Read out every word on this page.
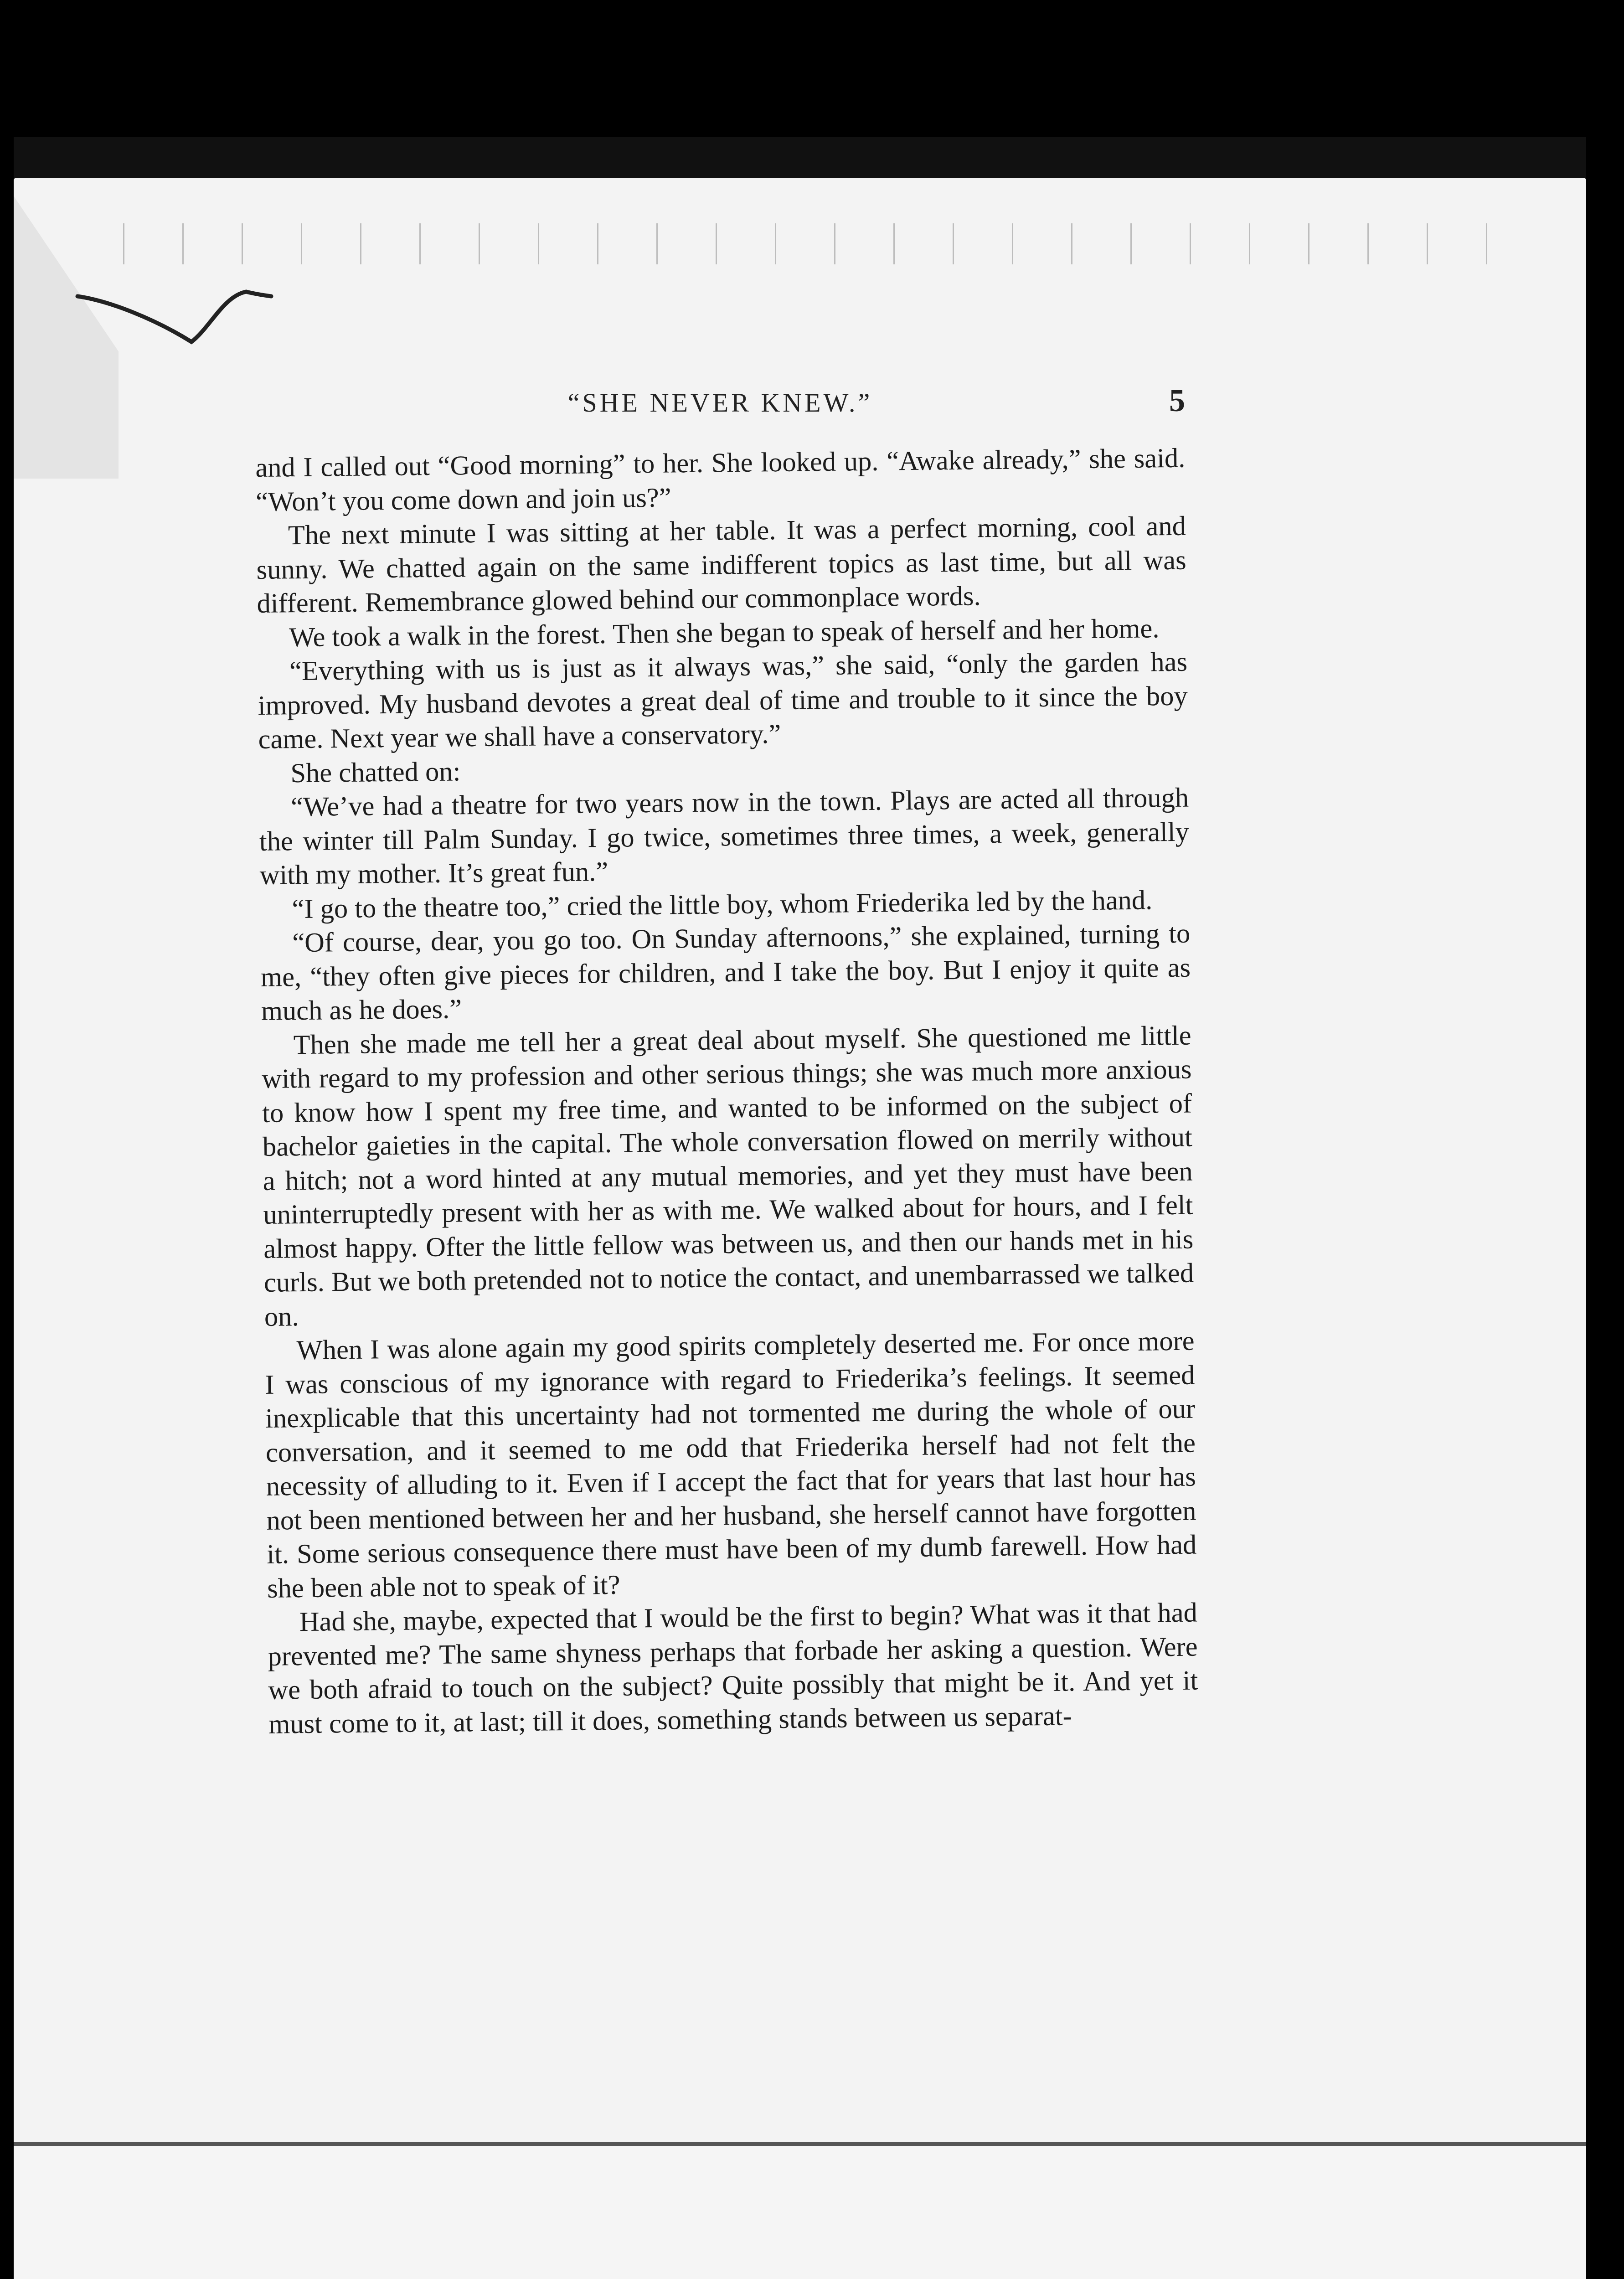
“SHE NEVER KNEW.”	5

and I called out “Good morning” to her. She looked up. “Awake already,” she said. “Won’t you come down and join us?”

The next minute I was sitting at her table. It was a perfect morning, cool and sunny. We chatted again on the same indifferent topics as last time, but all was different. Remembrance glowed behind our commonplace words.

We took a walk in the forest. Then she began to speak of herself and her home.

“Everything with us is just as it always was,” she said, “only the garden has improved. My husband devotes a great deal of time and trouble to it since the boy came. Next year we shall have a conservatory.”

She chatted on:

“We’ve had a theatre for two years now in the town. Plays are acted all through the winter till Palm Sunday. I go twice, sometimes three times, a week, generally with my mother. It’s great fun.”

“I go to the theatre too,” cried the little boy, whom Friederika led by the hand.

“Of course, dear, you go too. On Sunday afternoons,” she explained, turning to me, “they often give pieces for children, and I take the boy. But I enjoy it quite as much as he does.”

Then she made me tell her a great deal about myself. She questioned me little with regard to my profession and other serious things; she was much more anxious to know how I spent my free time, and wanted to be informed on the subject of bachelor gaieties in the capital. The whole conversation flowed on merrily without a hitch; not a word hinted at any mutual memories, and yet they must have been uninterruptedly present with her as with me. We walked about for hours, and I felt almost happy. Ofter the little fellow was between us, and then our hands met in his curls. But we both pretended not to notice the contact, and unembarrassed we talked on.

When I was alone again my good spirits completely deserted me. For once more I was conscious of my ignorance with regard to Friederika’s feelings. It seemed inexplicable that this uncertainty had not tormented me during the whole of our conversation, and it seemed to me odd that Friederika herself had not felt the necessity of alluding to it. Even if I accept the fact that for years that last hour has not been mentioned between her and her husband, she herself cannot have forgotten it. Some serious consequence there must have been of my dumb farewell. How had she been able not to speak of it?

Had she, maybe, expected that I would be the first to begin? What was it that had prevented me? The same shyness perhaps that forbade her asking a question. Were we both afraid to touch on the subject? Quite possibly that might be it. And yet it must come to it, at last; till it does, something stands between us separat-
